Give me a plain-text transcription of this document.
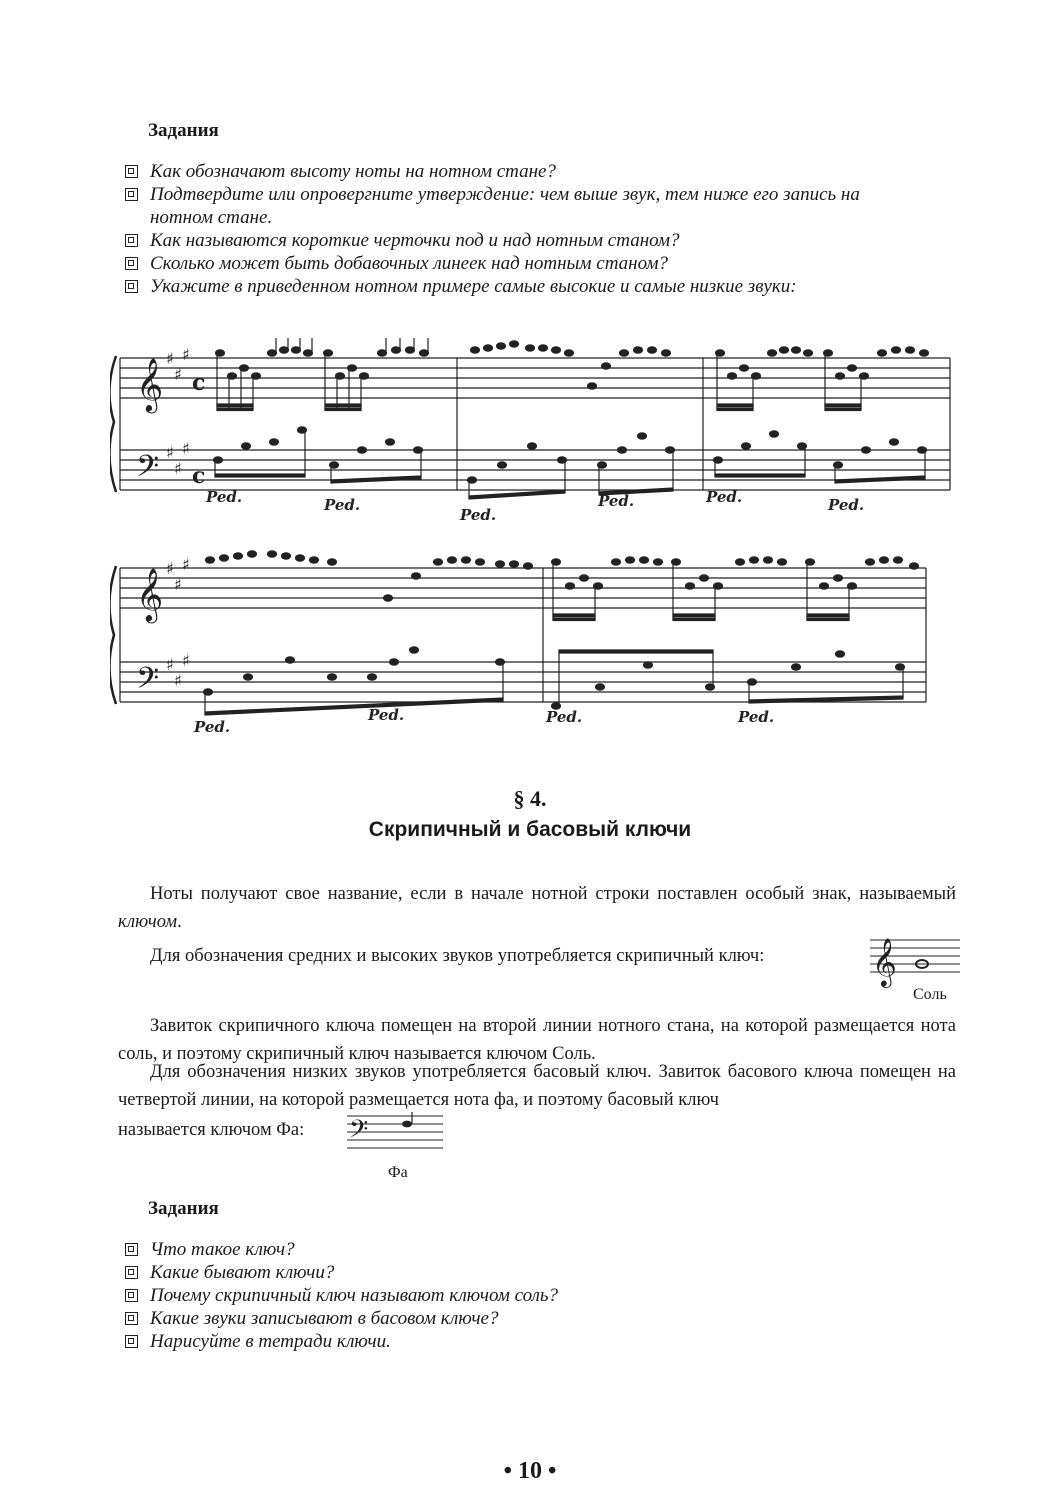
Задания
Как обозначают высоту ноты на нотном стане?
Подтвердите или опровергните утверждение: чем выше звук, тем ниже его запись на нотном стане.
Как называются короткие черточки под и над нотным станом?
Сколько может быть добавочных линеек над нотным станом?
Укажите в приведенном нотном примере самые высокие и самые низкие звуки:
𝄞
𝄢
♯
♯
♯
♯
♯
♯
c
c
Ped.	Ped.
Ped.
Ped.	Ped.	Ped.
𝄞
𝄢
♯
♯
♯
♯
♯
♯
Ped.
Ped.	Ped.	Ped.
§ 4.
Скрипичный и басовый ключи
Ноты получают свое название, если в начале нотной строки поставлен особый знак, называемый ключом.
Для обозначения средних и высоких звуков употребляется скрипичный ключ:	𝄞
Соль
Завиток скрипичного ключа помещен на второй линии нотного стана, на которой размещается нота соль, и поэтому скрипичный ключ называется ключом Соль.
Для обозначения низких звуков употребляется басовый ключ. Завиток басового ключа помещен на четвертой линии, на которой размещается нота фа, и поэтому басовый ключ
называется ключом Фа: 𝄢
Фа
Задания
Что такое ключ?
Какие бывают ключи?
Почему скрипичный ключ называют ключом соль?
Какие звуки записывают в басовом ключе?
Нарисуйте в тетради ключи.
• 10 •
